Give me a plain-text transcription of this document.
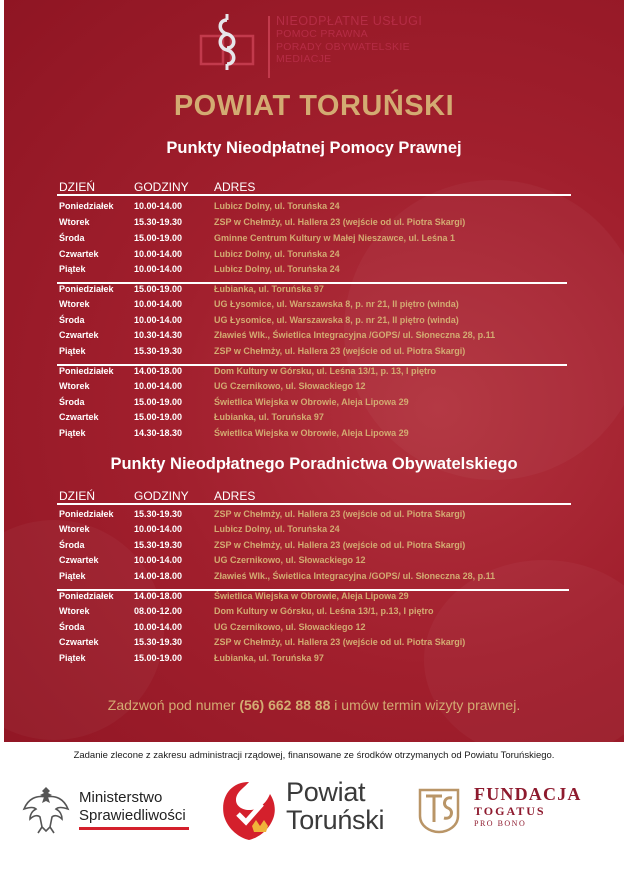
NIEODPŁATNE USŁUGI
POMOC PRAWNA
PORADY OBYWATELSKIE
MEDIACJE
POWIAT TORUŃSKI
Punkty Nieodpłatnej Pomocy Prawnej
DZIEŃ	GODZINY ADRES
Poniedziałek 10.00-14.00	Lubicz Dolny, ul. Toruńska 24
Wtorek	15.30-19.30	ZSP w Chełmży, ul. Hallera 23 (wejście od ul. Piotra Skargi)
Środa	15.00-19.00	Gminne Centrum Kultury w Małej Nieszawce, ul. Leśna 1
Czwartek	10.00-14.00	Lubicz Dolny, ul. Toruńska 24
Piątek	10.00-14.00	Lubicz Dolny, ul. Toruńska 24
Poniedziałek 15.00-19.00	Łubianka, ul. Toruńska 97
Wtorek	10.00-14.00	UG Łysomice, ul. Warszawska 8, p. nr 21, II piętro (winda)
Środa	10.00-14.00	UG Łysomice, ul. Warszawska 8, p. nr 21, II piętro (winda)
Czwartek	10.30-14.30	Zławieś Wlk., Świetlica Integracyjna /GOPS/ ul. Słoneczna 28, p.11
Piątek	15.30-19.30	ZSP w Chełmży, ul. Hallera 23 (wejście od ul. Piotra Skargi)
Poniedziałek 14.00-18.00	Dom Kultury w Górsku, ul. Leśna 13/1, p. 13, I piętro
Wtorek	10.00-14.00	UG Czernikowo, ul. Słowackiego 12
Środa	15.00-19.00	Świetlica Wiejska w Obrowie, Aleja Lipowa 29
Czwartek	15.00-19.00	Łubianka, ul. Toruńska 97
Piątek	14.30-18.30	Świetlica Wiejska w Obrowie, Aleja Lipowa 29
Punkty Nieodpłatnego Poradnictwa Obywatelskiego
DZIEŃ	GODZINY ADRES
Poniedziałek 15.30-19.30	ZSP w Chełmży, ul. Hallera 23 (wejście od ul. Piotra Skargi)
Wtorek	10.00-14.00	Lubicz Dolny, ul. Toruńska 24
Środa	15.30-19.30	ZSP w Chełmży, ul. Hallera 23 (wejście od ul. Piotra Skargi)
Czwartek	10.00-14.00	UG Czernikowo, ul. Słowackiego 12
Piątek	14.00-18.00	Zławieś Wlk., Świetlica Integracyjna /GOPS/ ul. Słoneczna 28, p.11
Poniedziałek 14.00-18.00	Świetlica Wiejska w Obrowie, Aleja Lipowa 29
Wtorek	08.00-12.00	Dom Kultury w Górsku, ul. Leśna 13/1, p.13, I piętro
Środa	10.00-14.00	UG Czernikowo, ul. Słowackiego 12
Czwartek	15.30-19.30	ZSP w Chełmży, ul. Hallera 23 (wejście od ul. Piotra Skargi)
Piątek	15.00-19.00	Łubianka, ul. Toruńska 97
Zadzwoń pod numer (56) 662 88 88 i umów termin wizyty prawnej.
Zadanie zlecone z zakresu administracji rządowej, finansowane ze środków otrzymanych od Powiatu Toruńskiego.
Ministerstwo
Sprawiedliwości
Powiat
Toruński
FUNDACJA
TOGATUS
PRO BONO
